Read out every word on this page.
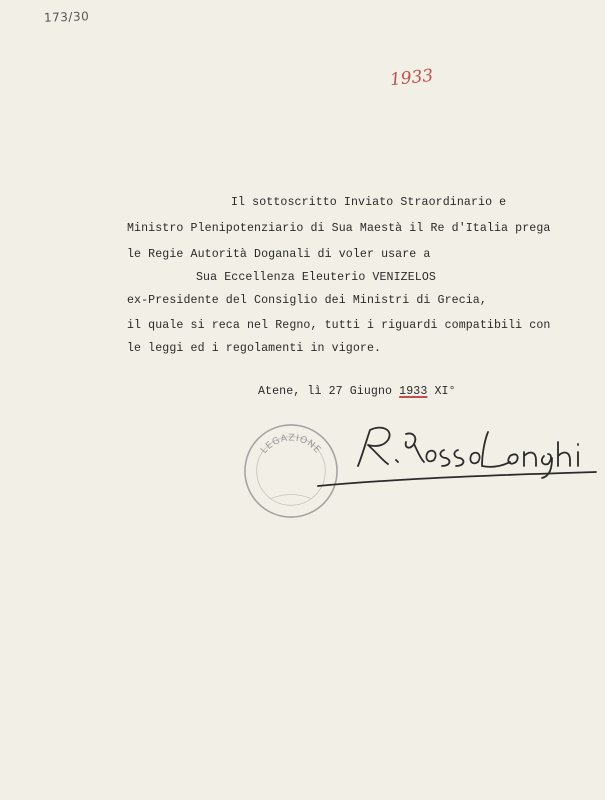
173/30
1933
Il sottoscritto Inviato Straordinario e
Ministro Plenipotenziario di Sua Maestà il Re d'Italia prega
le Regie Autorità Doganali di voler usare a
Sua Eccellenza Eleuterio VENIZELOS
ex-Presidente del Consiglio dei Ministri di Grecia,
il quale si reca nel Regno, tutti i riguardi compatibili con
le leggi ed i regolamenti in vigore.
Atene, lì 27 Giugno 1933 XI°
LEGAZIONE
